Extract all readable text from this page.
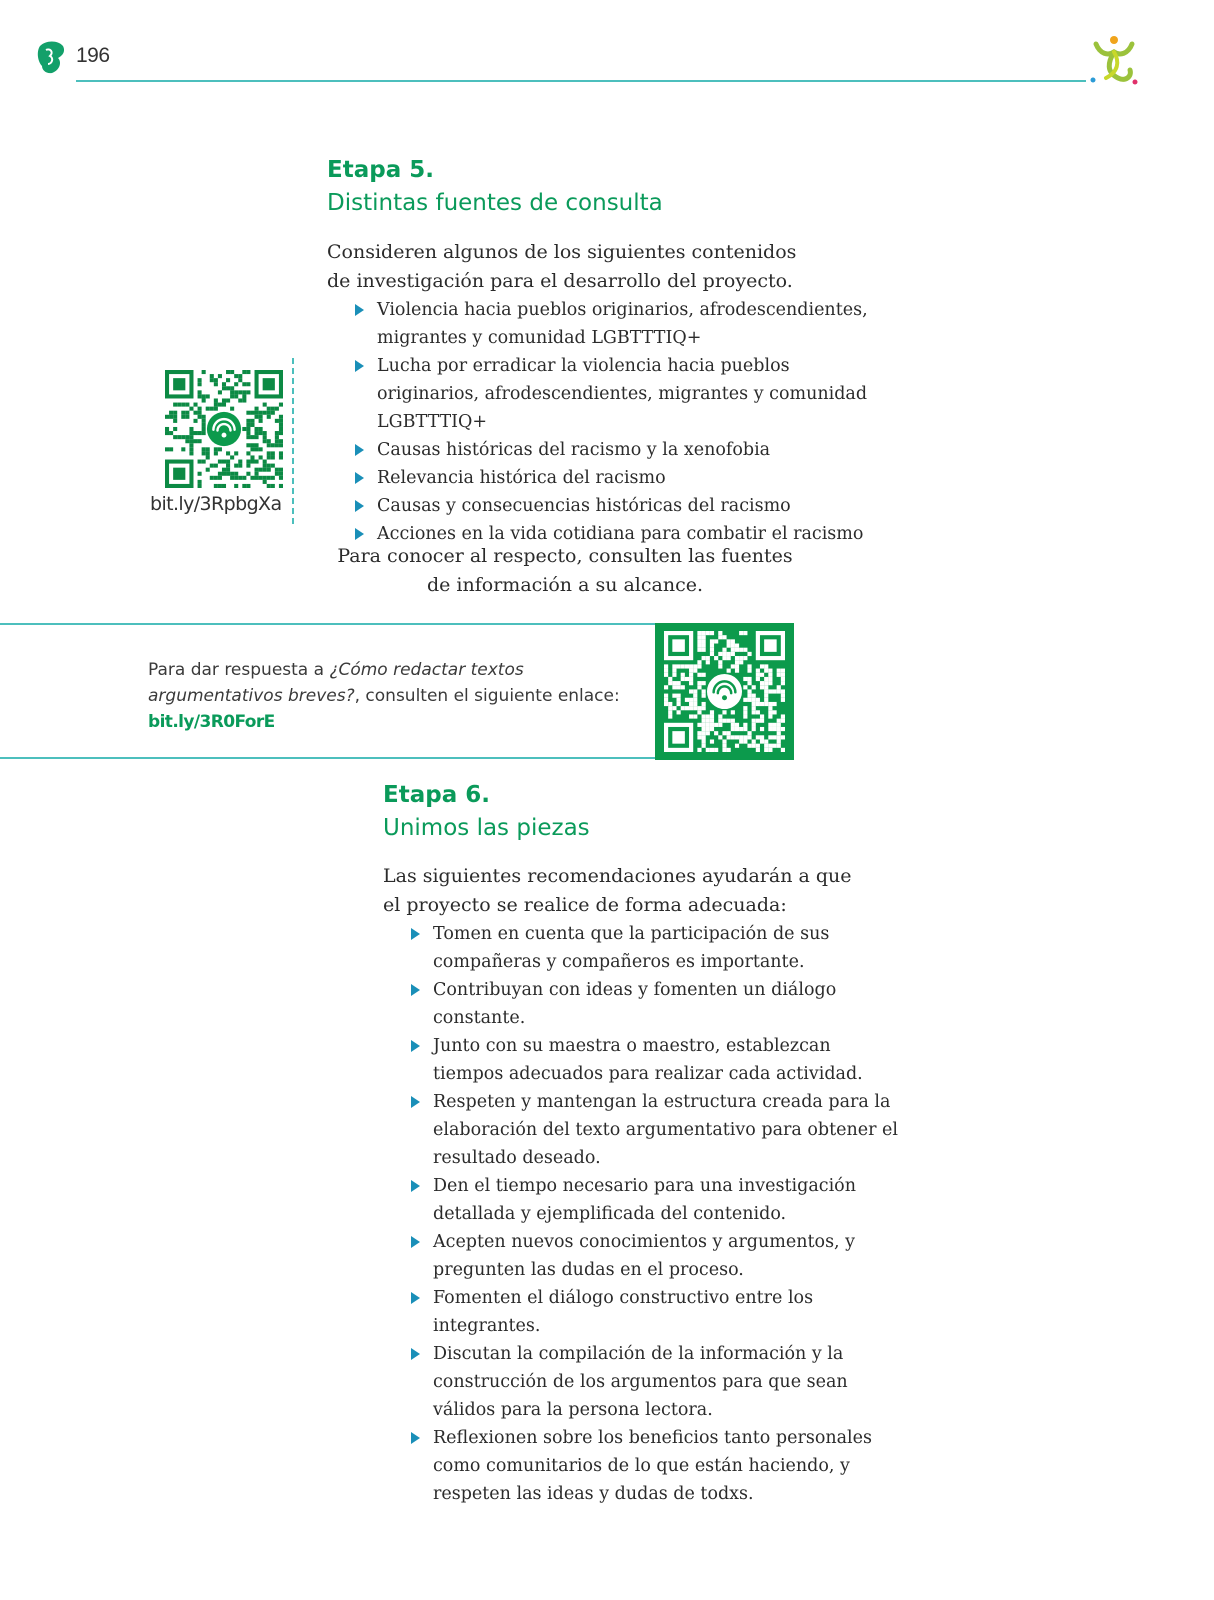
196
Etapa 5.
Distintas fuentes de consulta

Consideren algunos de los siguientes contenidos de investigación para el desarrollo del proyecto.

Violencia hacia pueblos originarios, afrodescendientes, migrantes y comunidad LGBTTTIQ+
Lucha por erradicar la violencia hacia pueblos originarios, afrodescendientes, migrantes y comunidad LGBTTTIQ+
Causas históricas del racismo y la xenofobia
Relevancia histórica del racismo
Causas y consecuencias históricas del racismo
Acciones en la vida cotidiana para combatir el racismo
bit.ly/3RpbgXa

Para conocer al respecto, consulten las fuentes de información a su alcance.

Para dar respuesta a ¿Cómo redactar textos argumentativos breves?, consulten el siguiente enlace:
bit.ly/3R0ForE
Etapa 6.
Unimos las piezas

Las siguientes recomendaciones ayudarán a que el proyecto se realice de forma adecuada:

Tomen en cuenta que la participación de sus compañeras y compañeros es importante.
Contribuyan con ideas y fomenten un diálogo constante.
Junto con su maestra o maestro, establezcan tiempos adecuados para realizar cada actividad.
Respeten y mantengan la estructura creada para la elaboración del texto argumentativo para obtener el resultado deseado.
Den el tiempo necesario para una investigación detallada y ejemplificada del contenido.
Acepten nuevos conocimientos y argumentos, y pregunten las dudas en el proceso.
Fomenten el diálogo constructivo entre los integrantes.
Discutan la compilación de la información y la construcción de los argumentos para que sean válidos para la persona lectora.
Reflexionen sobre los beneficios tanto personales como comunitarios de lo que están haciendo, y respeten las ideas y dudas de todxs.
